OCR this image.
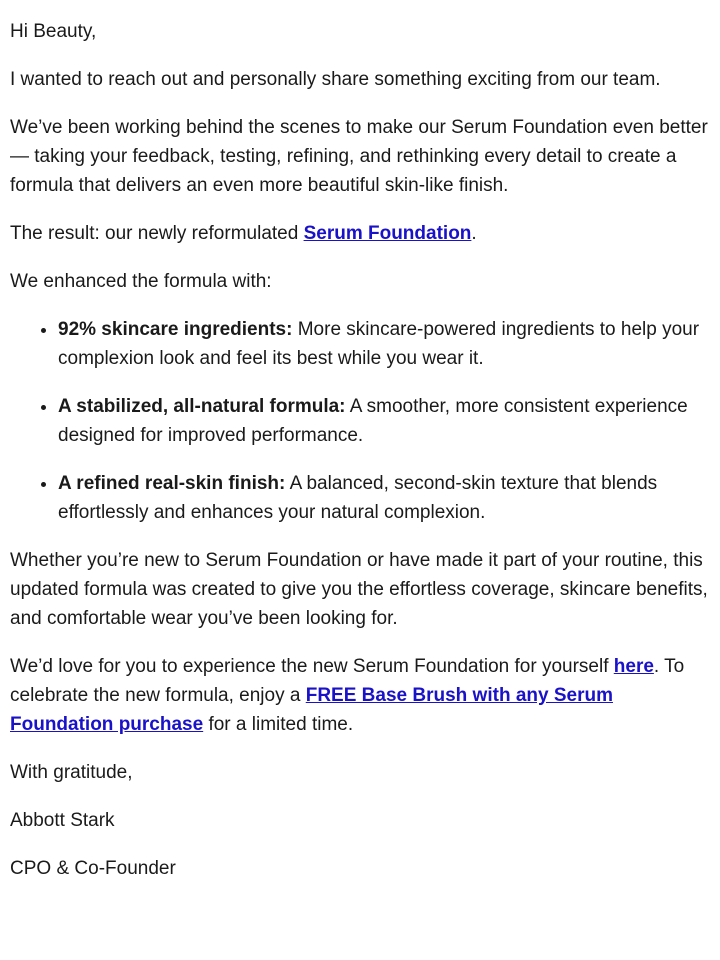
Hi Beauty,

I wanted to reach out and personally share something exciting from our team.

We’ve been working behind the scenes to make our Serum Foundation even better — taking your feedback, testing, refining, and rethinking every detail to create a formula that delivers an even more beautiful skin-like finish.

The result: our newly reformulated Serum Foundation.

We enhanced the formula with:

• 92% skincare ingredients: More skincare-powered ingredients to help your complexion look and feel its best while you wear it.
• A stabilized, all-natural formula: A smoother, more consistent experience designed for improved performance.
• A refined real-skin finish: A balanced, second-skin texture that blends effortlessly and enhances your natural complexion.

Whether you’re new to Serum Foundation or have made it part of your routine, this updated formula was created to give you the effortless coverage, skincare benefits, and comfortable wear you’ve been looking for.

We’d love for you to experience the new Serum Foundation for yourself here. To celebrate the new formula, enjoy a FREE Base Brush with any Serum Foundation purchase for a limited time.

With gratitude,

Abbott Stark

CPO & Co-Founder
